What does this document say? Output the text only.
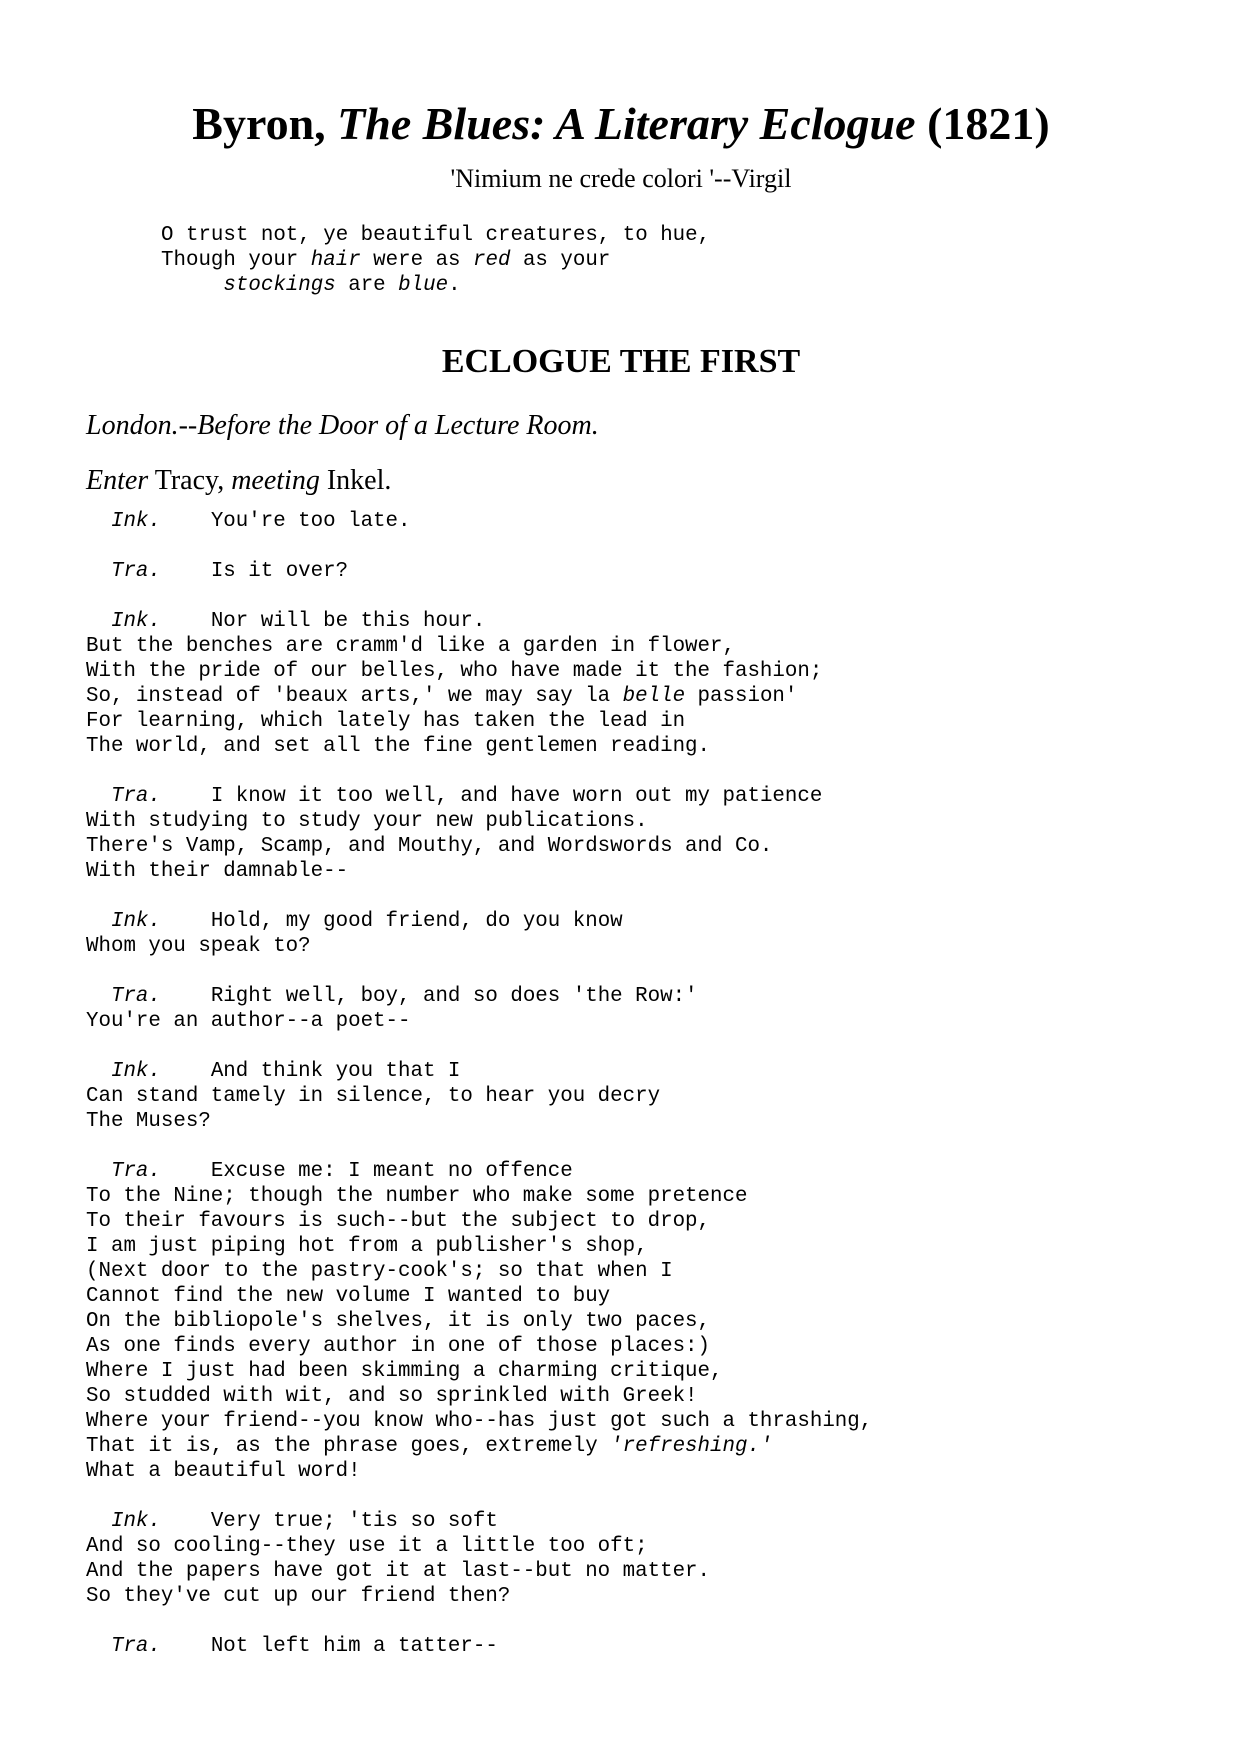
Byron, The Blues: A Literary Eclogue (1821)
'Nimium ne crede colori '--Virgil
O trust not, ye beautiful creatures, to hue,
Though your hair were as red as your
stockings are blue.
ECLOGUE THE FIRST
London.--Before the Door of a Lecture Room.
Enter Tracy, meeting Inkel.
Ink. You're too late.
Tra. Is it over?
Ink. Nor will be this hour.
But the benches are cramm'd like a garden in flower,
With the pride of our belles, who have made it the fashion;
So, instead of 'beaux arts,' we may say la belle passion'
For learning, which lately has taken the lead in
The world, and set all the fine gentlemen reading.
Tra. I know it too well, and have worn out my patience
With studying to study your new publications.
There's Vamp, Scamp, and Mouthy, and Wordswords and Co.
With their damnable--
Ink. Hold, my good friend, do you know
Whom you speak to?
Tra. Right well, boy, and so does 'the Row:'
You're an author--a poet--
Ink. And think you that I
Can stand tamely in silence, to hear you decry
The Muses?
Tra. Excuse me: I meant no offence
To the Nine; though the number who make some pretence
To their favours is such--but the subject to drop,
I am just piping hot from a publisher's shop,
(Next door to the pastry-cook's; so that when I
Cannot find the new volume I wanted to buy
On the bibliopole's shelves, it is only two paces,
As one finds every author in one of those places:)
Where I just had been skimming a charming critique,
So studded with wit, and so sprinkled with Greek!
Where your friend--you know who--has just got such a thrashing,
That it is, as the phrase goes, extremely 'refreshing.'
What a beautiful word!
Ink. Very true; 'tis so soft
And so cooling--they use it a little too oft;
And the papers have got it at last--but no matter.
So they've cut up our friend then?
Tra. Not left him a tatter--
